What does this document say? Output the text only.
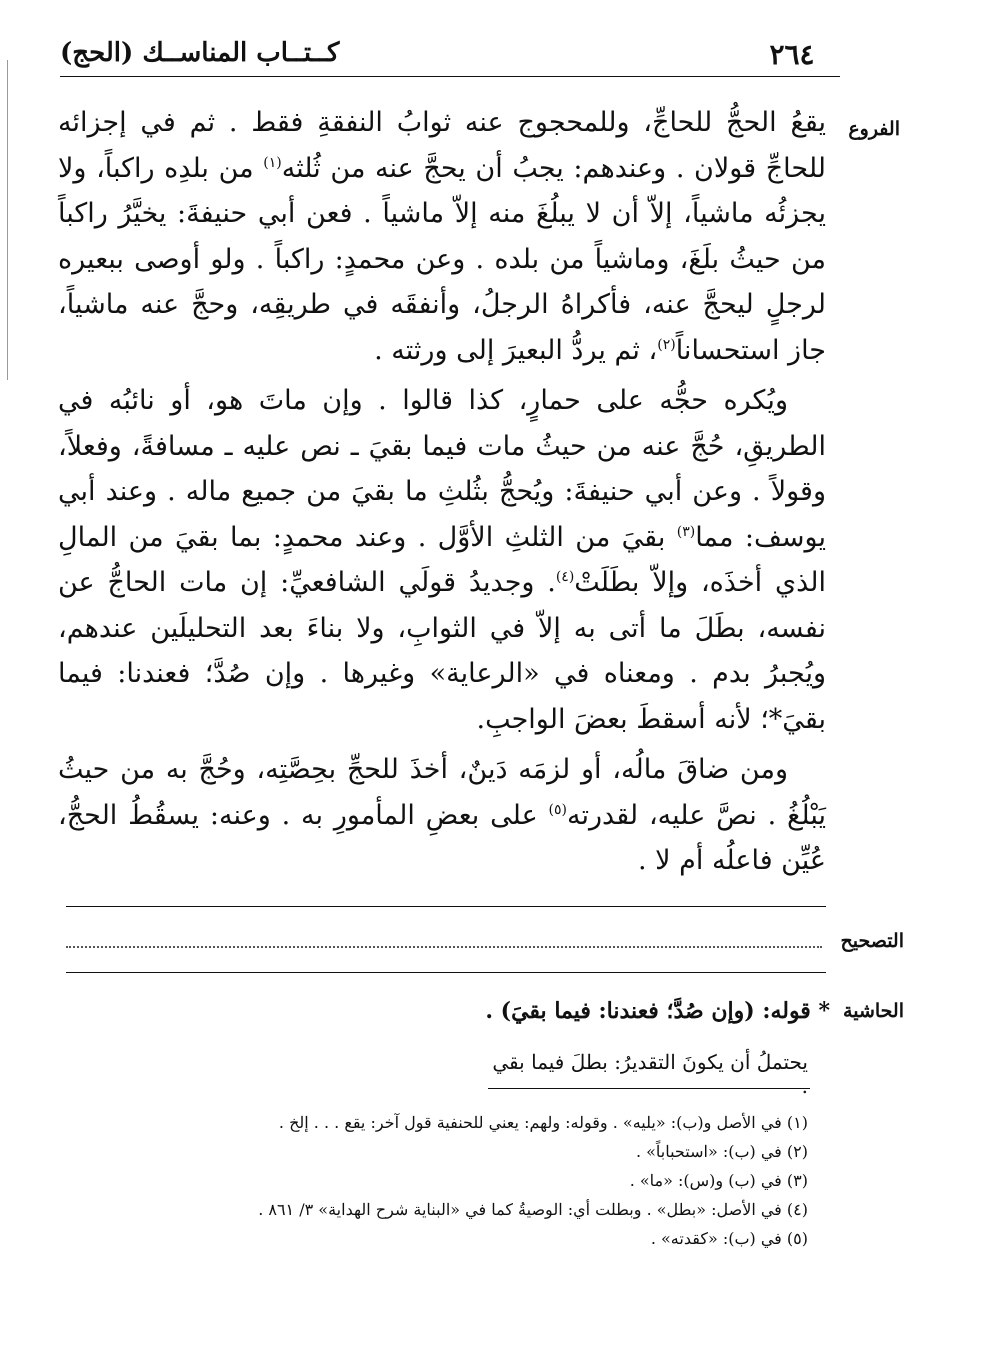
٢٦٤
كــتــاب المناســك (الحج)
الفروع

يقعُ الحجُّ للحاجِّ، وللمحجوج عنه ثوابُ النفقةِ فقط . ثم في إجزائه للحاجِّ قولان . وعندهم: يجبُ أن يحجَّ عنه من ثُلثه$^{(١)}$ من بلدِه راكباً، ولا يجزئُه ماشياً، إلاّ أن لا يبلُغَ منه إلاّ ماشياً . فعن أبي حنيفةَ: يخيَّرُ راكباً من حيثُ بلَغَ، وماشياً من بلده . وعن محمدٍ: راكباً . ولو أوصى ببعيره لرجلٍ ليحجَّ عنه، فأكراهُ الرجلُ، وأنفقَه في طريقِه، وحجَّ عنه ماشياً، جاز استحساناً$^{(٢)}$، ثم يردُّ البعيرَ إلى ورثته .

ويُكره حجُّه على حمارٍ، كذا قالوا . وإن ماتَ هو، أو نائبُه في الطريقِ، حُجَّ عنه من حيثُ مات فيما بقيَ ـ نص عليه ـ مسافةً، وفعلاً، وقولاً . وعن أبي حنيفةَ: ويُحجُّ بثُلثِ ما بقيَ من جميع ماله . وعند أبي يوسف: مما$^{(٣)}$ بقيَ من الثلثِ الأوَّل . وعند محمدٍ: بما بقيَ من المالِ الذي أخذَه، وإلاّ بطَلَتْ$^{(٤)}$. وجديدُ قولَي الشافعيِّ: إن مات الحاجُّ عن نفسه، بطَلَ ما أتى به إلاّ في الثوابِ، ولا بناءَ بعد التحليلَين عندهم، ويُجبرُ بدم . ومعناه في «الرعاية» وغيرها . وإن صُدَّ؛ فعندنا: فيما بقيَ*؛ لأنه أسقطَ بعضَ الواجبِ.

ومن ضاقَ مالُه، أو لزمَه دَينٌ، أخذَ للحجِّ بحِصَّتِه، وحُجَّ به من حيثُ يَبْلُغُ . نصَّ عليه، لقدرته$^{(٥)}$ على بعضِ المأمورِ به . وعنه: يسقُطُ الحجُّ، عُيِّن فاعلُه أم لا .

التصحيح
الحاشية
* قوله: (وإن صُدَّ؛ فعندنا: فيما بقيَ) .
يحتملُ أن يكونَ التقديرُ: بطلَ فيما بقي .
(١) في الأصل و(ب): «يليه» . وقوله: ولهم: يعني للحنفية قول آخر: يقع . . . إلخ .
(٢) في (ب): «استحباباً» .
(٣) في (ب) و(س): «ما» .
(٤) في الأصل: «بطل» . وبطلت أي: الوصيةُ كما في «البناية شرح الهداية» ٣/ ٨٦١ .
(٥) في (ب): «كقدته» .
